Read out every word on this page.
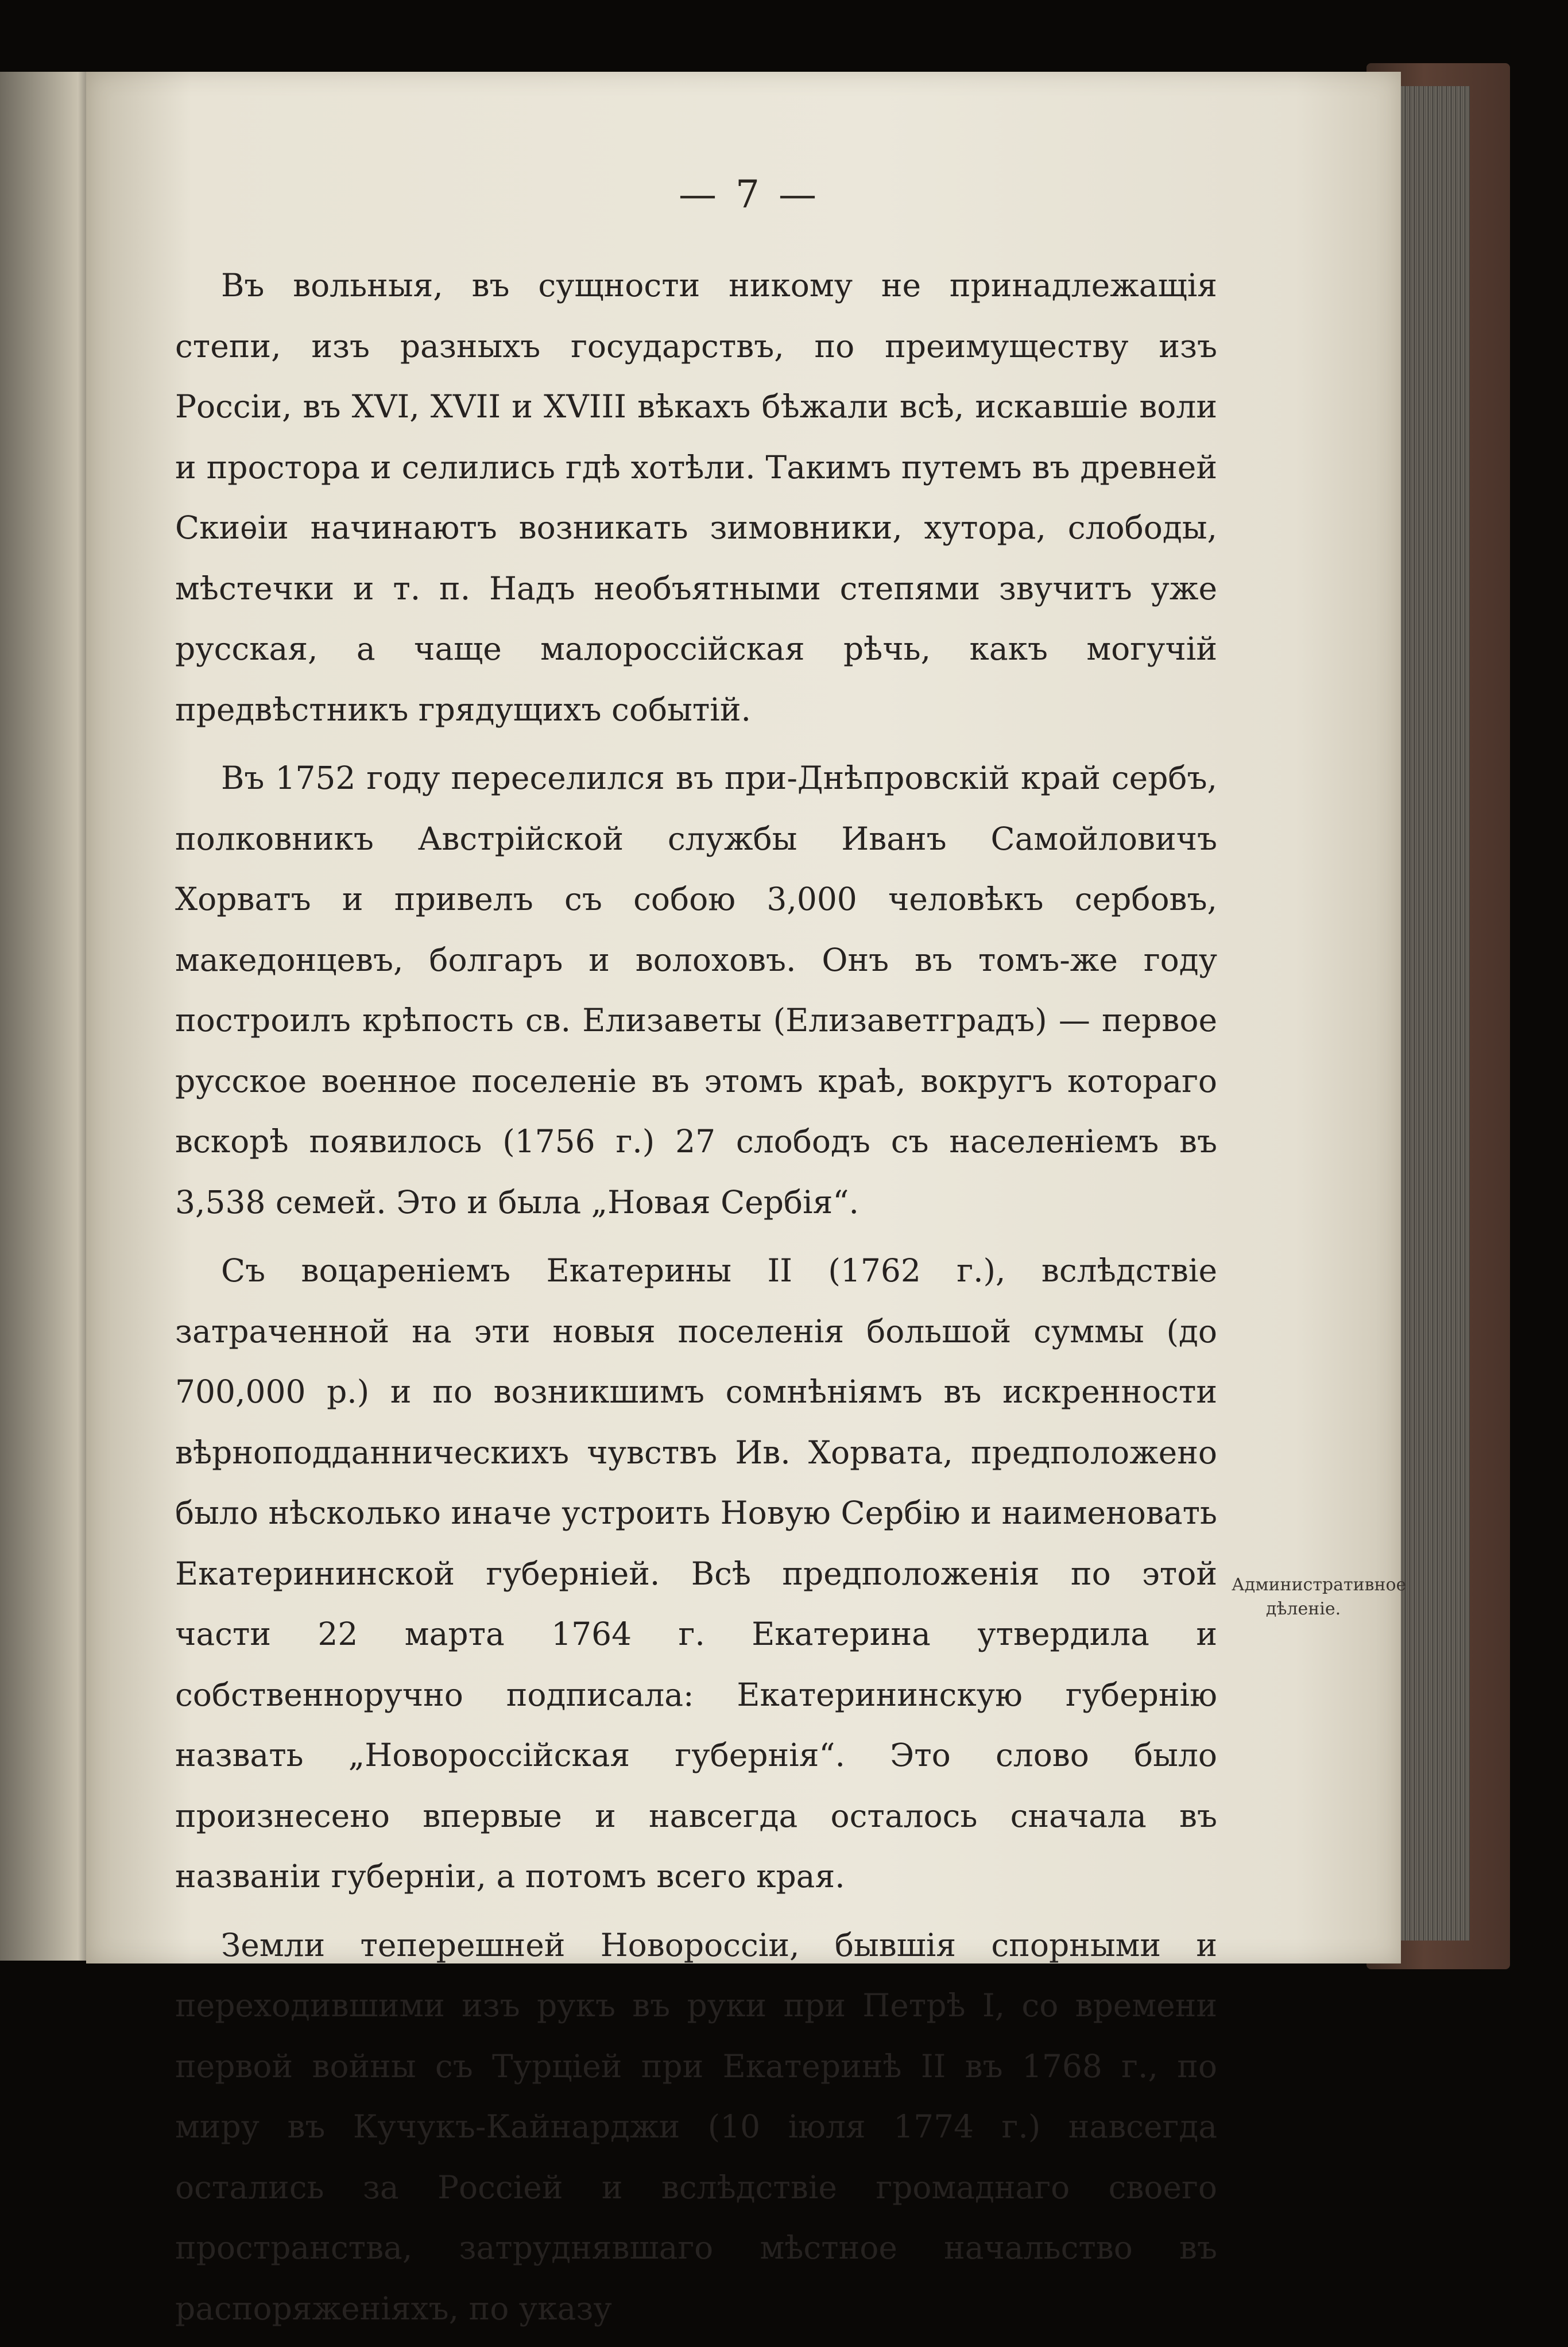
— 7 —

Въ вольныя, въ сущности никому не принадлежащія степи, изъ разныхъ государствъ, по преимуществу изъ Россіи, въ XVI, XVII и XVIII вѣкахъ бѣжали всѣ, искавшіе воли и простора и селились гдѣ хотѣли. Такимъ путемъ въ древней Скиѳіи начинаютъ возникать зимовники, хутора, слободы, мѣстечки и т. п. Надъ необъятными степями звучитъ уже русская, а чаще малороссійская рѣчь, какъ могучій предвѣстникъ грядущихъ событій.

Въ 1752 году переселился въ при-Днѣпровскій край сербъ, полковникъ Австрійской службы Иванъ Самойловичъ Хорватъ и привелъ съ собою 3,000 человѣкъ сербовъ, македонцевъ, болгаръ и волоховъ. Онъ въ томъ-же году построилъ крѣпость св. Елизаветы (Елизаветградъ) — первое русское военное поселеніе въ этомъ краѣ, вокругъ котораго вскорѣ появилось (1756 г.) 27 слободъ съ населеніемъ въ 3,538 семей. Это и была „Новая Сербія“.

Съ воцареніемъ Екатерины II (1762 г.), вслѣдствіе затраченной на эти новыя поселенія большой суммы (до 700,000 р.) и по возникшимъ сомнѣніямъ въ искренности вѣрноподданническихъ чувствъ Ив. Хорвата, предположено было нѣсколько иначе устроить Новую Сербію и наименовать Екатерининской губерніей. Всѣ предположенія по этой части 22 марта 1764 г. Екатерина утвердила и собственноручно подписала: Екатерининскую губернію назвать „Новороссійская губернія“. Это слово было произнесено впервые и навсегда осталось сначала въ названіи губерніи, а потомъ всего края.

Земли теперешней Новороссіи, бывшія спорными и переходившими изъ рукъ въ руки при Петрѣ I, со времени первой войны съ Турціей при Екатеринѣ II въ 1768 г., по миру въ Кучукъ-Кайнарджи (10 іюля 1774 г.) навсегда остались за Россіей и вслѣдствіе громаднаго своего пространства, затруднявшаго мѣстное начальство въ распоряженіяхъ, по указу

Административное дѣленіе.
